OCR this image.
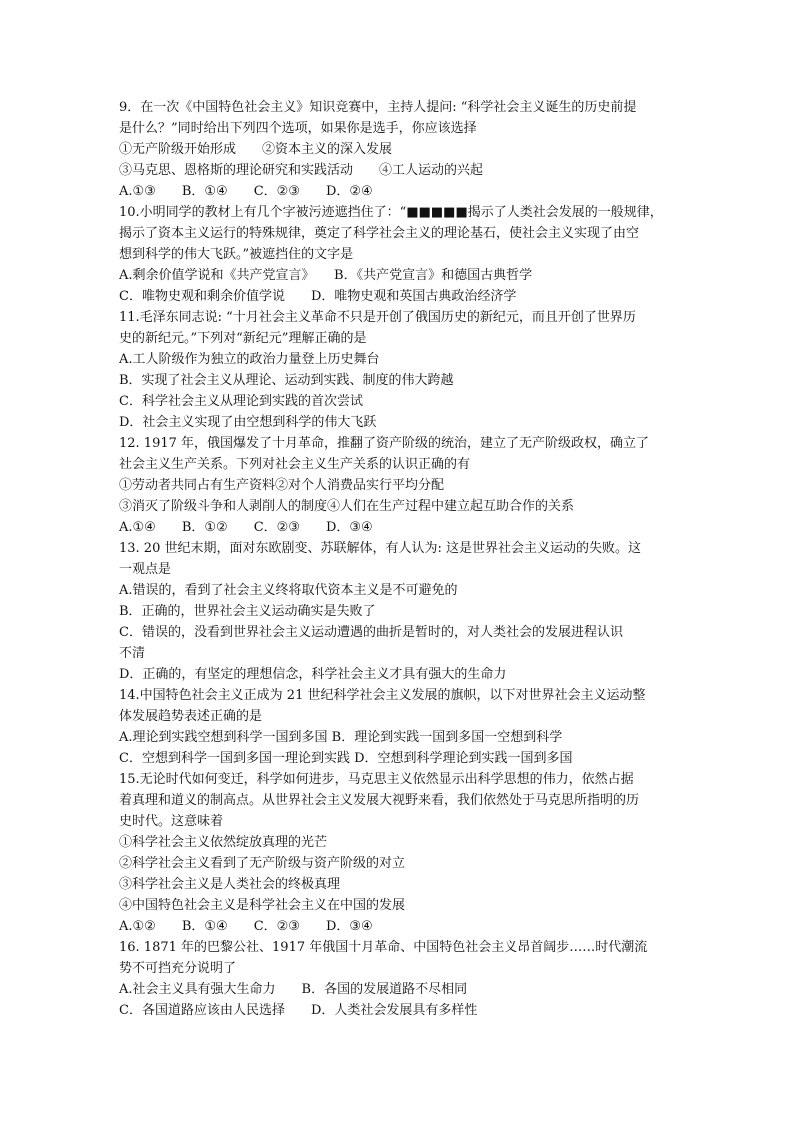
9．在一次《中国特色社会主义》知识竞赛中，主持人提问: “科学社会主义诞生的历史前提
是什么？”同时给出下列四个选项，如果你是选手，你应该选择
①无产阶级开始形成　　②资本主义的深入发展
③马克思、恩格斯的理论研究和实践活动　　④工人运动的兴起
A.①③　　B．①④　　C．②③　　D．②④
10.小明同学的教材上有几个字被污迹遮挡住了：“■■■■■揭示了人类社会发展的一般规律，
揭示了资本主义运行的特殊规律，奠定了科学社会主义的理论基石，使社会主义实现了由空
想到科学的伟大飞跃。”被遮挡住的文字是
A.剩余价值学说和《共产党宣言》　　B．《共产党宣言》和德国古典哲学
C．唯物史观和剩余价值学说　　D．唯物史观和英国古典政治经济学
11.毛泽东同志说: “十月社会主义革命不只是开创了俄国历史的新纪元，而且开创了世界历
史的新纪元。”下列对“新纪元”理解正确的是
A.工人阶级作为独立的政治力量登上历史舞台
B．实现了社会主义从理论、运动到实践、制度的伟大跨越
C．科学社会主义从理论到实践的首次尝试
D．社会主义实现了由空想到科学的伟大飞跃
12. 1917 年，俄国爆发了十月革命，推翻了资产阶级的统治，建立了无产阶级政权，确立了
社会主义生产关系。下列对社会主义生产关系的认识正确的有
①劳动者共同占有生产资料②对个人消费品实行平均分配
③消灭了阶级斗争和人剥削人的制度④人们在生产过程中建立起互助合作的关系
A.①④　　B．①②　　C．②③　　D．③④
13. 20 世纪末期，面对东欧剧变、苏联解体，有人认为: 这是世界社会主义运动的失败。这
一观点是
A.错误的，看到了社会主义终将取代资本主义是不可避免的
B．正确的，世界社会主义运动确实是失败了
C．错误的，没看到世界社会主义运动遭遇的曲折是暂时的，对人类社会的发展进程认识
不清
D．正确的，有坚定的理想信念，科学社会主义才具有强大的生命力
14.中国特色社会主义正成为 21 世纪科学社会主义发展的旗帜，以下对世界社会主义运动整
体发展趋势表述正确的是
A.理论到实践空想到科学一国到多国 B．理论到实践一国到多国一空想到科学
C．空想到科学一国到多国一理论到实践 D．空想到科学理论到实践一国到多国
15.无论时代如何变迁，科学如何进步，马克思主义依然显示出科学思想的伟力，依然占据
着真理和道义的制高点。从世界社会主义发展大视野来看，我们依然处于马克思所指明的历
史时代。这意味着
①科学社会主义依然绽放真理的光芒
②科学社会主义看到了无产阶级与资产阶级的对立
③科学社会主义是人类社会的终极真理
④中国特色社会主义是科学社会主义在中国的发展
A.①②　　B．①④　　C．②③　　D．③④
16. 1871 年的巴黎公社、1917 年俄国十月革命、中国特色社会主义昂首阔步……时代潮流
势不可挡充分说明了
A.社会主义具有强大生命力　　B．各国的发展道路不尽相同
C．各国道路应该由人民选择　　D．人类社会发展具有多样性
